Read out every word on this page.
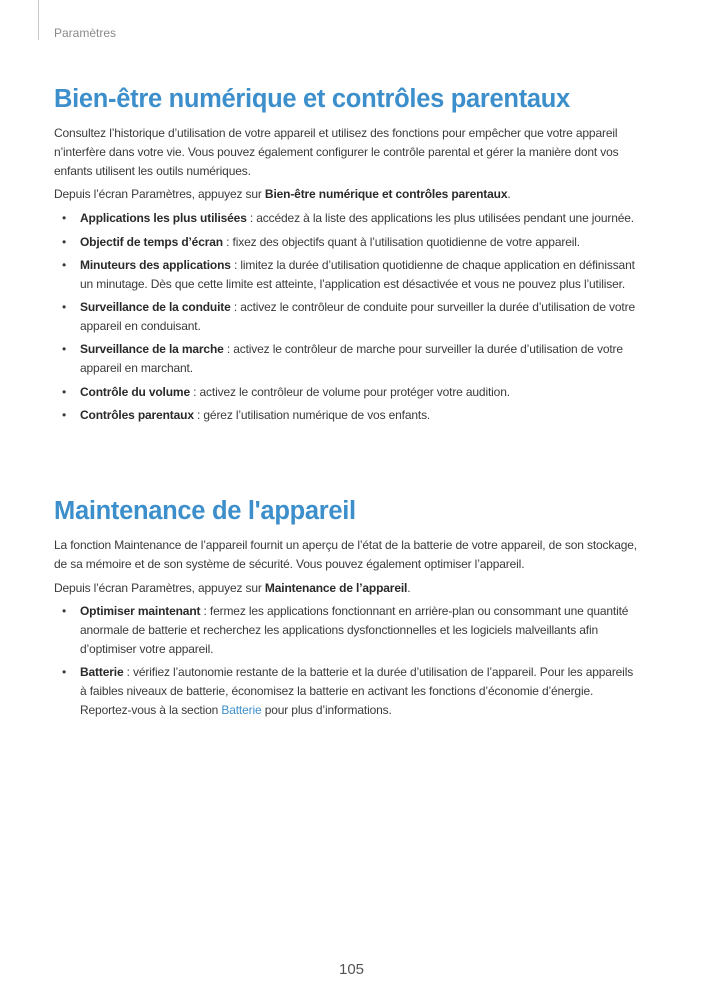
Paramètres
Bien-être numérique et contrôles parentaux

Consultez l’historique d’utilisation de votre appareil et utilisez des fonctions pour empêcher que votre appareil n’interfère dans votre vie. Vous pouvez également configurer le contrôle parental et gérer la manière dont vos enfants utilisent les outils numériques.

Depuis l’écran Paramètres, appuyez sur Bien-être numérique et contrôles parentaux.

• Applications les plus utilisées : accédez à la liste des applications les plus utilisées pendant une journée.
• Objectif de temps d’écran : fixez des objectifs quant à l’utilisation quotidienne de votre appareil.
• Minuteurs des applications : limitez la durée d’utilisation quotidienne de chaque application en définissant un minutage. Dès que cette limite est atteinte, l’application est désactivée et vous ne pouvez plus l’utiliser.
• Surveillance de la conduite : activez le contrôleur de conduite pour surveiller la durée d’utilisation de votre appareil en conduisant.
• Surveillance de la marche : activez le contrôleur de marche pour surveiller la durée d’utilisation de votre appareil en marchant.
• Contrôle du volume : activez le contrôleur de volume pour protéger votre audition.
• Contrôles parentaux : gérez l’utilisation numérique de vos enfants.
Maintenance de l'appareil

La fonction Maintenance de l’appareil fournit un aperçu de l’état de la batterie de votre appareil, de son stockage, de sa mémoire et de son système de sécurité. Vous pouvez également optimiser l’appareil.

Depuis l’écran Paramètres, appuyez sur Maintenance de l’appareil.

• Optimiser maintenant : fermez les applications fonctionnant en arrière-plan ou consommant une quantité anormale de batterie et recherchez les applications dysfonctionnelles et les logiciels malveillants afin d’optimiser votre appareil.
• Batterie : vérifiez l’autonomie restante de la batterie et la durée d’utilisation de l’appareil. Pour les appareils à faibles niveaux de batterie, économisez la batterie en activant les fonctions d’économie d’énergie. Reportez-vous à la section Batterie pour plus d’informations.
105
